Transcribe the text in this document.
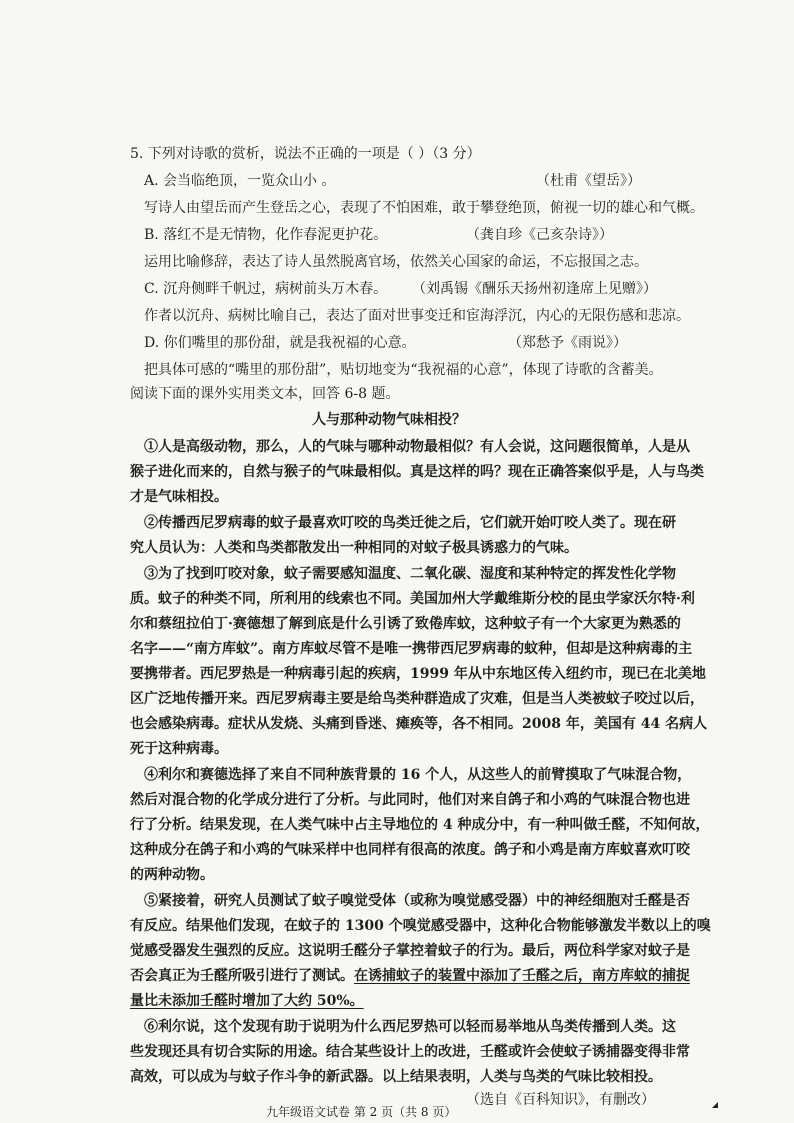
5. 下列对诗歌的赏析，说法不正确的一项是（ ）（3 分）
A. 会当临绝顶，一览众山小 。	（杜甫《望岳》）
写诗人由望岳而产生登岳之心，表现了不怕困难，敢于攀登绝顶，俯视一切的雄心和气概。
B. 落红不是无情物，化作春泥更护花。	（龚自珍《己亥杂诗》）
运用比喻修辞，表达了诗人虽然脱离官场，依然关心国家的命运，不忘报国之志。
C. 沉舟侧畔千帆过，病树前头万木春。 （刘禹锡《酬乐天扬州初逢席上见赠》）
作者以沉舟、病树比喻自己，表达了面对世事变迁和宦海浮沉，内心的无限伤感和悲凉。
D. 你们嘴里的那份甜，就是我祝福的心意。	（郑愁予《雨说》）
把具体可感的“嘴里的那份甜”，贴切地变为“我祝福的心意”，体现了诗歌的含蓄美。
阅读下面的课外实用类文本，回答 6-8 题。
人与那种动物气味相投？
①人是高级动物，那么，人的气味与哪种动物最相似？有人会说，这问题很简单，人是从
猴子进化而来的，自然与猴子的气味最相似。真是这样的吗？现在正确答案似乎是，人与鸟类
才是气味相投。
②传播西尼罗病毒的蚊子最喜欢叮咬的鸟类迁徙之后，它们就开始叮咬人类了。现在研
究人员认为：人类和鸟类都散发出一种相同的对蚊子极具诱惑力的气味。
③为了找到叮咬对象，蚊子需要感知温度、二氧化碳、湿度和某种特定的挥发性化学物
质。蚊子的种类不同，所利用的线索也不同。美国加州大学戴维斯分校的昆虫学家沃尔特·利
尔和蔡纽拉伯丁·赛德想了解到底是什么引诱了致倦库蚊，这种蚊子有一个大家更为熟悉的
名字——“南方库蚊”。南方库蚊尽管不是唯一携带西尼罗病毒的蚊种，但却是这种病毒的主
要携带者。西尼罗热是一种病毒引起的疾病，1999 年从中东地区传入纽约市，现已在北美地
区广泛地传播开来。西尼罗病毒主要是给鸟类种群造成了灾难，但是当人类被蚊子咬过以后，
也会感染病毒。症状从发烧、头痛到昏迷、瘫痪等，各不相同。2008 年，美国有 44 名病人
死于这种病毒。
④利尔和赛德选择了来自不同种族背景的 16 个人，从这些人的前臂摸取了气味混合物，
然后对混合物的化学成分进行了分析。与此同时，他们对来自鸽子和小鸡的气味混合物也进
行了分析。结果发现，在人类气味中占主导地位的 4 种成分中，有一种叫做壬醛，不知何故，
这种成分在鸽子和小鸡的气味采样中也同样有很高的浓度。鸽子和小鸡是南方库蚊喜欢叮咬
的两种动物。
⑤紧接着，研究人员测试了蚊子嗅觉受体（或称为嗅觉感受器）中的神经细胞对壬醛是否
有反应。结果他们发现，在蚊子的 1300 个嗅觉感受器中，这种化合物能够激发半数以上的嗅
觉感受器发生强烈的反应。这说明壬醛分子掌控着蚊子的行为。最后，两位科学家对蚊子是
否会真正为壬醛所吸引进行了测试。在诱捕蚊子的装置中添加了壬醛之后，南方库蚊的捕捉
量比未添加壬醛时增加了大约 50%。
⑥利尔说，这个发现有助于说明为什么西尼罗热可以轻而易举地从鸟类传播到人类。这
些发现还具有切合实际的用途。结合某些设计上的改进，壬醛或许会使蚊子诱捕器变得非常
高效，可以成为与蚊子作斗争的新武器。以上结果表明，人类与鸟类的气味比较相投。
（选自《百科知识》，有删改）
九年级语文试卷 第 2 页（共 8 页）
